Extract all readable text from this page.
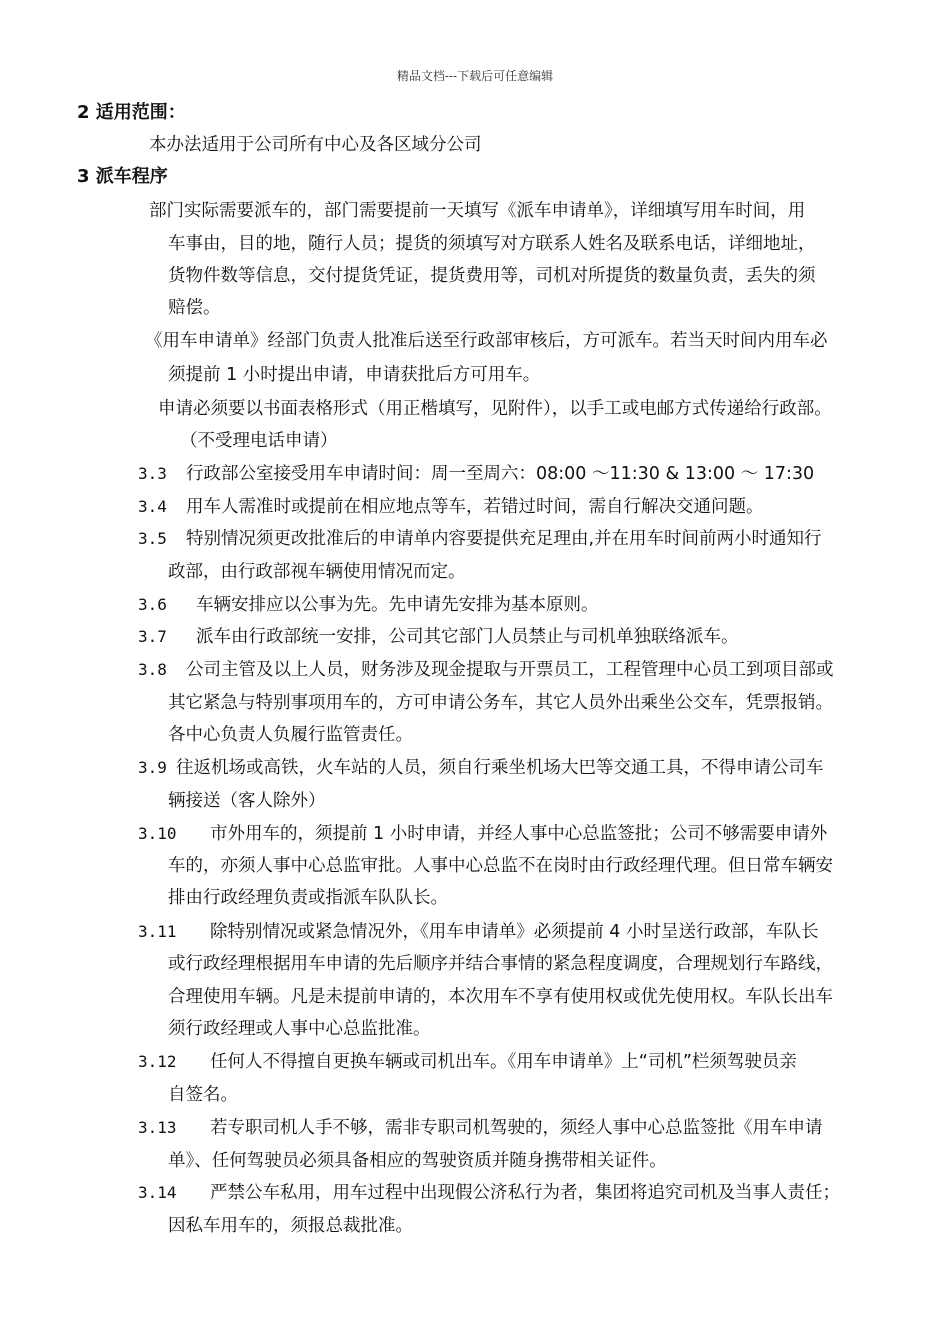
精品文档---下载后可任意编辑
2 适用范围：
本办法适用于公司所有中心及各区域分公司
3 派车程序
部门实际需要派车的，部门需要提前一天填写《派车申请单》，详细填写用车时间，用
车事由，目的地，随行人员；提货的须填写对方联系人姓名及联系电话，详细地址，
货物件数等信息，交付提货凭证，提货费用等，司机对所提货的数量负责，丢失的须
赔偿。
《用车申请单》经部门负责人批准后送至行政部审核后，方可派车。若当天时间内用车必
须提前 1 小时提出申请，申请获批后方可用车。
申请必须要以书面表格形式（用正楷填写，见附件），以手工或电邮方式传递给行政部。
（不受理电话申请）
3.3 行政部公室接受用车申请时间：周一至周六：08:00 ～11:30 & 13:00 ～ 17:30
3.4 用车人需准时或提前在相应地点等车，若错过时间，需自行解决交通问题。
3.5 特别情况须更改批准后的申请单内容要提供充足理由,并在用车时间前两小时通知行
政部，由行政部视车辆使用情况而定。
3.6 车辆安排应以公事为先。先申请先安排为基本原则。
3.7 派车由行政部统一安排，公司其它部门人员禁止与司机单独联络派车。
3.8 公司主管及以上人员，财务涉及现金提取与开票员工，工程管理中心员工到项目部或
其它紧急与特别事项用车的，方可申请公务车，其它人员外出乘坐公交车，凭票报销。
各中心负责人负履行监管责任。
3.9 往返机场或高铁，火车站的人员，须自行乘坐机场大巴等交通工具，不得申请公司车
辆接送（客人除外）
3.10 市外用车的，须提前 1 小时申请，并经人事中心总监签批；公司不够需要申请外
车的，亦须人事中心总监审批。人事中心总监不在岗时由行政经理代理。但日常车辆安
排由行政经理负责或指派车队队长。
3.11 除特别情况或紧急情况外，《用车申请单》必须提前 4 小时呈送行政部，车队长
或行政经理根据用车申请的先后顺序并结合事情的紧急程度调度，合理规划行车路线，
合理使用车辆。凡是未提前申请的，本次用车不享有使用权或优先使用权。车队长出车
须行政经理或人事中心总监批准。
3.12 任何人不得擅自更换车辆或司机出车。《用车申请单》上“司机”栏须驾驶员亲
自签名。
3.13 若专职司机人手不够，需非专职司机驾驶的，须经人事中心总监签批《用车申请
单》、任何驾驶员必须具备相应的驾驶资质并随身携带相关证件。
3.14 严禁公车私用，用车过程中出现假公济私行为者，集团将追究司机及当事人责任；
因私车用车的，须报总裁批准。
